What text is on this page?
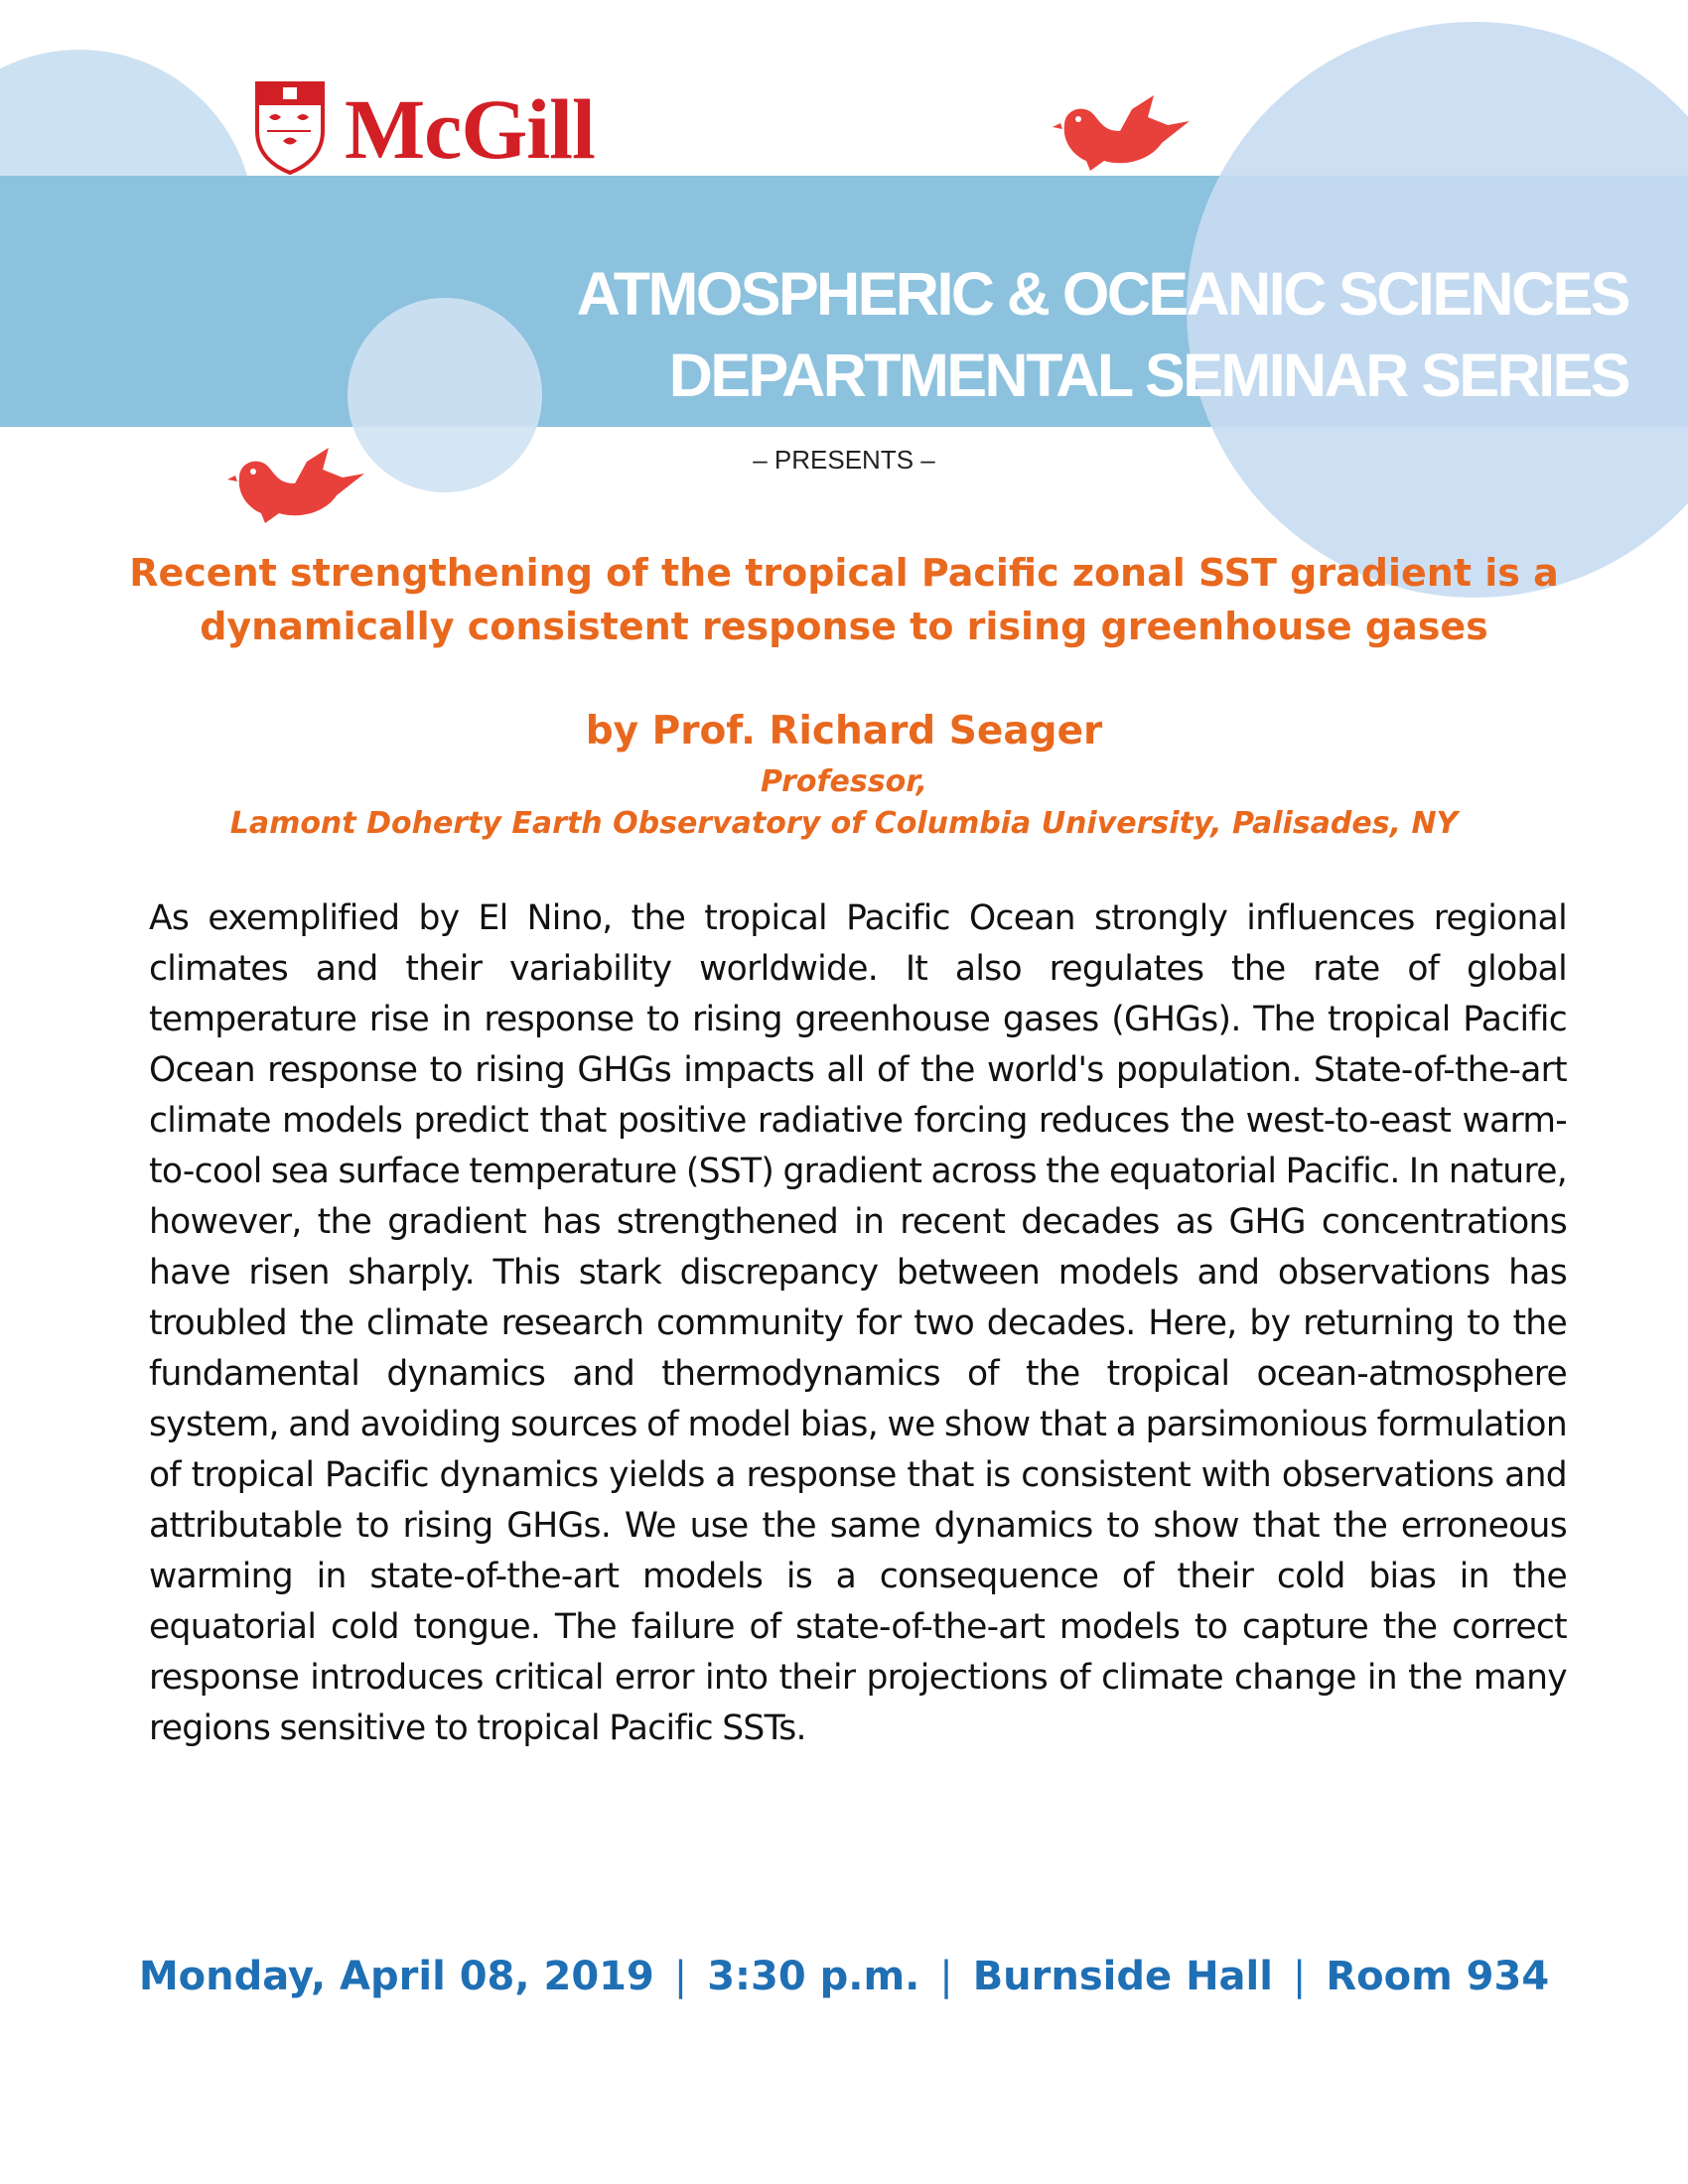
McGill
ATMOSPHERIC & OCEANIC SCIENCES
DEPARTMENTAL SEMINAR SERIES
– PRESENTS –
Recent strengthening of the tropical Pacific zonal SST gradient is a
dynamically consistent response to rising greenhouse gases
by Prof. Richard Seager
Professor,
Lamont Doherty Earth Observatory of Columbia University, Palisades, NY
As exemplified by El Nino, the tropical Pacific Ocean strongly influences regional climates and their variability worldwide. It also regulates the rate of global temperature rise in response to rising greenhouse gases (GHGs). The tropical Pacific Ocean response to rising GHGs impacts all of the world's population. State-of-the-art climate models predict that positive radiative forcing reduces the west-to-east warm-to-cool sea surface temperature (SST) gradient across the equatorial Pacific. In nature, however, the gradient has strengthened in recent decades as GHG concentrations have risen sharply. This stark discrepancy between models and observations has troubled the climate research community for two decades. Here, by returning to the fundamental dynamics and thermodynamics of the tropical ocean-atmosphere system, and avoiding sources of model bias, we show that a parsimonious formulation of tropical Pacific dynamics yields a response that is consistent with observations and attributable to rising GHGs. We use the same dynamics to show that the erroneous warming in state-of-the-art models is a consequence of their cold bias in the equatorial cold tongue. The failure of state-of-the-art models to capture the correct response introduces critical error into their projections of climate change in the many regions sensitive to tropical Pacific SSTs.
Monday, April 08, 2019 | 3:30 p.m. | Burnside Hall | Room 934
